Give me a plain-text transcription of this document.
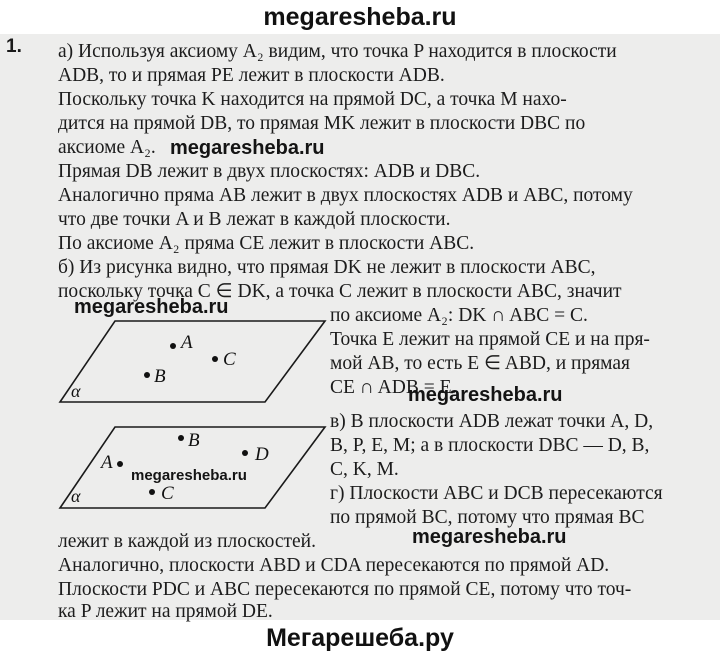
megaresheba.ru
1. а) Используя аксиому A₂ видим, что точка P находится в плоскости
ADB, то и прямая PE лежит в плоскости ADB.
Поскольку точка K находится на прямой DC, а точка M нахо-
дится на прямой DB, то прямая MK лежит в плоскости DBC по
аксиоме A₂.
Прямая DB лежит в двух плоскостях: ADB и DBC.
Аналогично пряма AB лежит в двух плоскостях ADB и ABC, потому
что две точки A и B лежат в каждой плоскости.
По аксиоме A₂ пряма CE лежит в плоскости ABC.
б) Из рисунка видно, что прямая DK не лежит в плоскости ABC,
поскольку точка C ∈ DK, а точка C лежит в плоскости ABC, значит
по аксиоме A₂: DK ∩ ABC = C.
Точка E лежит на прямой CE и на пря-
мой AB, то есть E ∈ ABD, и прямая
CE ∩ ADB = E.
в) В плоскости ADB лежат точки A, D,
B, P, E, M; а в плоскости DBC — D, B,
C, K, M.
г) Плоскости ABC и DCB пересекаются
по прямой BC, потому что прямая BC
лежит в каждой из плоскостей.
Аналогично, плоскости ABD и CDA пересекаются по прямой AD.
Плоскости PDC и ABC пересекаются по прямой CE, потому что точ-
ка P лежит на прямой DE.
megaresheba.ru
megaresheba.ru
megaresheba.ru
megaresheba.ru
megaresheba.ru
A
B
C
α
B
D
A
C
α
Мегарешеба.ру
